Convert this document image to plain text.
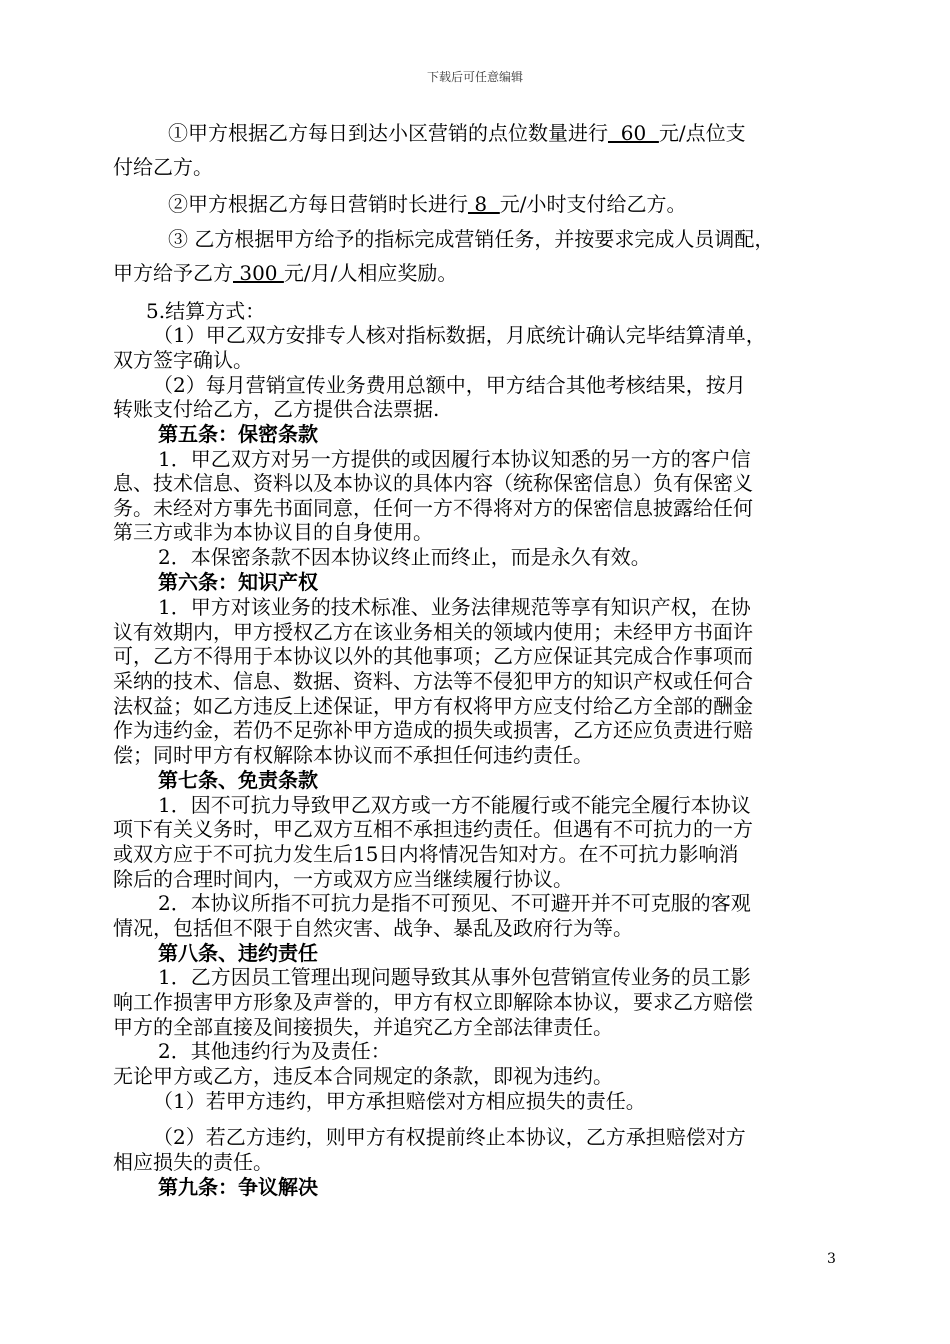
下载后可任意编辑
①甲方根据乙方每日到达小区营销的点位数量进行  60  元/点位支
付给乙方。
②甲方根据乙方每日营销时长进行 8  元/小时支付给乙方。
③ 乙方根据甲方给予的指标完成营销任务，并按要求完成人员调配，
甲方给予乙方 300 元/月/人相应奖励。
5.结算方式：
（1）甲乙双方安排专人核对指标数据，月底统计确认完毕结算清单，
双方签字确认。
（2）每月营销宣传业务费用总额中，甲方结合其他考核结果，按月
转账支付给乙方，乙方提供合法票据.
第五条：保密条款
1．甲乙双方对另一方提供的或因履行本协议知悉的另一方的客户信
息、技术信息、资料以及本协议的具体内容（统称保密信息）负有保密义
务。未经对方事先书面同意，任何一方不得将对方的保密信息披露给任何
第三方或非为本协议目的自身使用。
2．本保密条款不因本协议终止而终止，而是永久有效。
第六条：知识产权
1．甲方对该业务的技术标准、业务法律规范等享有知识产权，在协
议有效期内，甲方授权乙方在该业务相关的领域内使用；未经甲方书面许
可，乙方不得用于本协议以外的其他事项；乙方应保证其完成合作事项而
采纳的技术、信息、数据、资料、方法等不侵犯甲方的知识产权或任何合
法权益；如乙方违反上述保证，甲方有权将甲方应支付给乙方全部的酬金
作为违约金，若仍不足弥补甲方造成的损失或损害，乙方还应负责进行赔
偿；同时甲方有权解除本协议而不承担任何违约责任。
第七条、免责条款
1．因不可抗力导致甲乙双方或一方不能履行或不能完全履行本协议
项下有关义务时，甲乙双方互相不承担违约责任。但遇有不可抗力的一方
或双方应于不可抗力发生后15日内将情况告知对方。在不可抗力影响消
除后的合理时间内，一方或双方应当继续履行协议。
2．本协议所指不可抗力是指不可预见、不可避开并不可克服的客观
情况，包括但不限于自然灾害、战争、暴乱及政府行为等。
第八条、违约责任
1．乙方因员工管理出现问题导致其从事外包营销宣传业务的员工影
响工作损害甲方形象及声誉的，甲方有权立即解除本协议，要求乙方赔偿
甲方的全部直接及间接损失，并追究乙方全部法律责任。
2．其他违约行为及责任：
无论甲方或乙方，违反本合同规定的条款，即视为违约。
（1）若甲方违约，甲方承担赔偿对方相应损失的责任。
（2）若乙方违约，则甲方有权提前终止本协议，乙方承担赔偿对方
相应损失的责任。
第九条：争议解决
3
